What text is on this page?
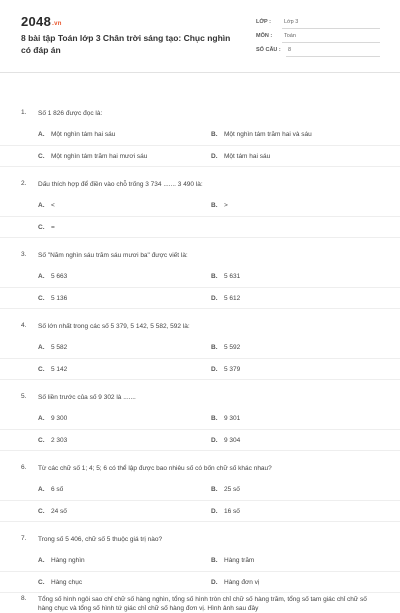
2048.vn
8 bài tập Toán lớp 3 Chân trời sáng tạo: Chục nghìn có đáp án
LỚP : Lớp 3
MÔN : Toán
SỐ CÂU : 8
1. Số 1 826 được đọc là:
A. Một nghìn tám hai sáu	B. Một nghìn tám trăm hai và sáu
C. Một nghìn tám trăm hai mươi sáu	D. Một tám hai sáu
2. Dấu thích hợp để điền vào chỗ trống 3 734 ....... 3 490 là:
A. <	B. >
C. =
3. Số "Năm nghìn sáu trăm sáu mươi ba" được viết là:
A. 5 663	B. 5 631
C. 5 136	D. 5 612
4. Số lớn nhất trong các số 5 379, 5 142, 5 582, 592 là:
A. 5 582	B. 5 592
C. 5 142	D. 5 379
5. Số liền trước của số 9 302 là .......
A. 9 300	B. 9 301
C. 2 303	D. 9 304
6. Từ các chữ số 1; 4; 5; 6 có thể lập được bao nhiêu số có bốn chữ số khác nhau?
A. 6 số	B. 25 số
C. 24 số	D. 16 số
7. Trong số 5 406, chữ số 5 thuộc giá trị nào?
A. Hàng nghìn	B. Hàng trăm
C. Hàng chục	D. Hàng đơn vị
8. Tổng số hình ngôi sao chỉ chữ số hàng nghìn, tổng số hình tròn chỉ chữ số hàng trăm, tổng số tam giác chỉ chữ số hàng chục và tổng số hình tứ giác chỉ chữ số hàng đơn vị. Hình ảnh sau đây
